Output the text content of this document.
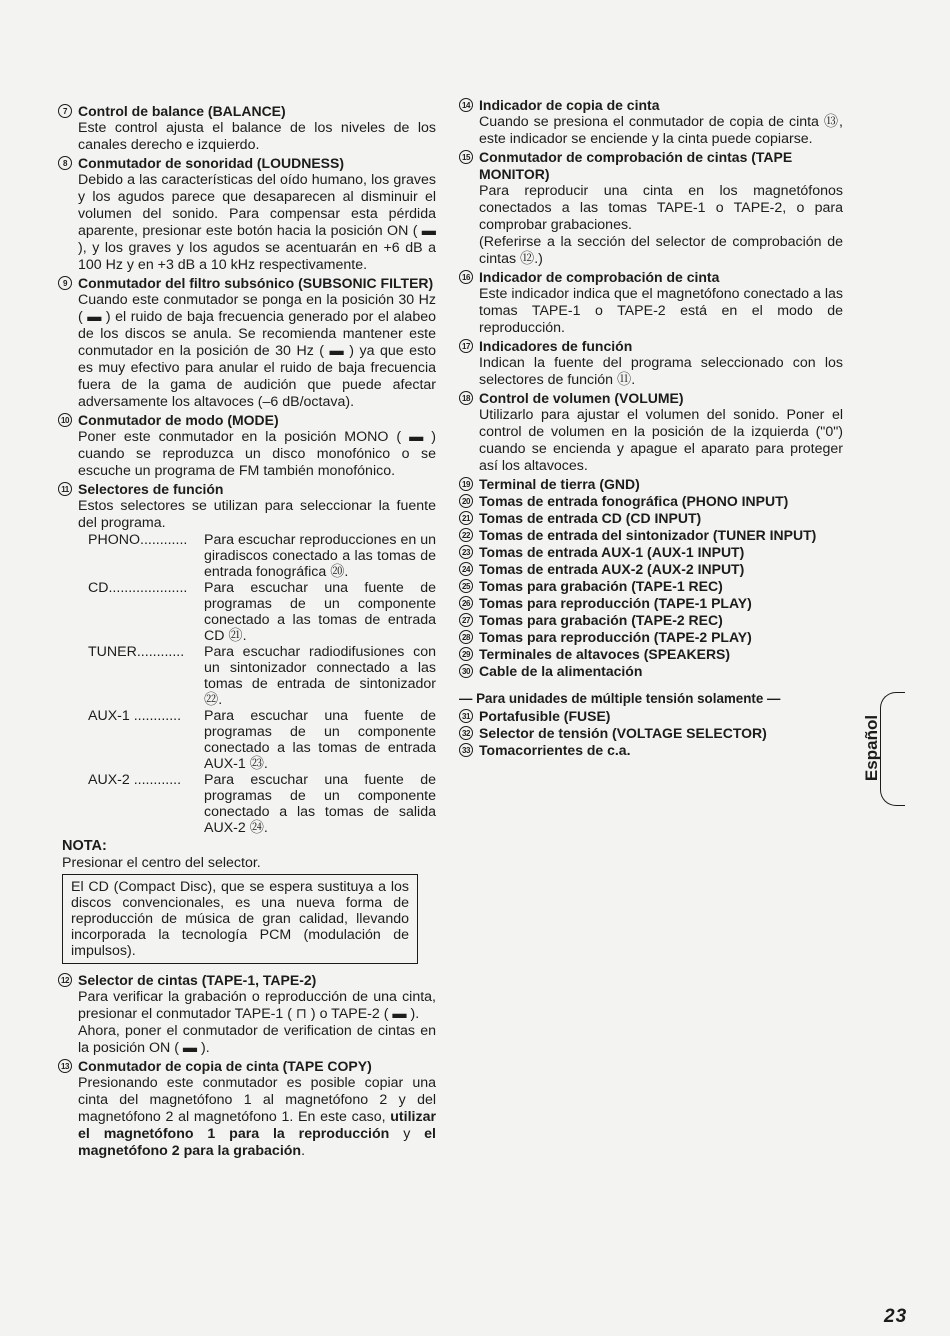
7 Control de balance (BALANCE)

Este control ajusta el balance de los niveles de los canales derecho e izquierdo.

8 Conmutador de sonoridad (LOUDNESS)

Debido a las características del oído humano, los graves y los agudos parece que desaparecen al disminuir el volumen del sonido. Para compensar esta pérdida aparente, presionar este botón hacia la posición ON ( ▬ ), y los graves y los agudos se acentuarán en +6 dB a 100 Hz y en +3 dB a 10 kHz respectivamente.

9 Conmutador del filtro subsónico (SUBSONIC FILTER)

Cuando este conmutador se ponga en la posición 30 Hz ( ▬ ) el ruido de baja frecuencia generado por el alabeo de los discos se anula. Se recomienda mantener este conmutador en la posición de 30 Hz ( ▬ ) ya que esto es muy efectivo para anular el ruido de baja frecuencia fuera de la gama de audición que puede afectar adversamente los altavoces (–6 dB/octava).

10 Conmutador de modo (MODE)

Poner este conmutador en la posición MONO ( ▬ ) cuando se reproduzca un disco monofónico o se escuche un programa de FM también monofónico.

11 Selectores de función

Estos selectores se utilizan para seleccionar la fuente del programa.

PHONO............	Para escuchar reproducciones en un giradiscos conectado a las tomas de entrada fonográfica ⑳.
CD....................	Para escuchar una fuente de programas de un componente conectado a las tomas de entrada CD ㉑.
TUNER............	Para escuchar radiodifusiones con un sintonizador connectado a las tomas de entrada de sintonizador ㉒.
AUX-1 ............	Para escuchar una fuente de programas de un componente conectado a las tomas de entrada AUX-1 ㉓.
AUX-2 ............	Para escuchar una fuente de programas de un componente conectado a las tomas de salida AUX-2 ㉔.
NOTA:
Presionar el centro del selector.
El CD (Compact Disc), que se espera sustituya a los discos convencionales, es una nueva forma de reproducción de música de gran calidad, llevando incorporada la tecnología PCM (modulación de impulsos).
12 Selector de cintas (TAPE-1, TAPE-2)

Para verificar la grabación o reproducción de una cinta, presionar el conmutador TAPE-1 ( ⊓ ) o TAPE-2 ( ▬ ).

Ahora, poner el conmutador de verification de cintas en la posición ON ( ▬ ).

13 Conmutador de copia de cinta (TAPE COPY)

Presionando este conmutador es posible copiar una cinta del magnetófono 1 al magnetófono 2 y del magnetófono 2 al magnetófono 1. En este caso, utilizar el magnetófono 1 para la reproducción y el magnetófono 2 para la grabación.

14 Indicador de copia de cinta

Cuando se presiona el conmutador de copia de cinta ⑬, este indicador se enciende y la cinta puede copiarse.

15 Conmutador de comprobación de cintas (TAPE MONITOR)

Para reproducir una cinta en los magnetófonos conectados a las tomas TAPE-1 o TAPE-2, o para comprobar grabaciones.

(Referirse a la sección del selector de comprobación de cintas ⑫.)

16 Indicador de comprobación de cinta

Este indicador indica que el magnetófono conectado a las tomas TAPE-1 o TAPE-2 está en el modo de reproducción.

17 Indicadores de función

Indican la fuente del programa seleccionado con los selectores de función ⑪.

18 Control de volumen (VOLUME)

Utilizarlo para ajustar el volumen del sonido. Poner el control de volumen en la posición de la izquierda ("0") cuando se encienda y apague el aparato para proteger así los altavoces.

19 Terminal de tierra (GND)
20 Tomas de entrada fonográfica (PHONO INPUT)
21 Tomas de entrada CD (CD INPUT)
22 Tomas de entrada del sintonizador (TUNER INPUT)
23 Tomas de entrada AUX-1 (AUX-1 INPUT)
24 Tomas de entrada AUX-2 (AUX-2 INPUT)
25 Tomas para grabación (TAPE-1 REC)
26 Tomas para reproducción (TAPE-1 PLAY)
27 Tomas para grabación (TAPE-2 REC)
28 Tomas para reproducción (TAPE-2 PLAY)
29 Terminales de altavoces (SPEAKERS)
30 Cable de la alimentación
— Para unidades de múltiple tensión solamente —
31 Portafusible (FUSE)
32 Selector de tensión (VOLTAGE SELECTOR)
33 Tomacorrientes de c.a.	Español
23
